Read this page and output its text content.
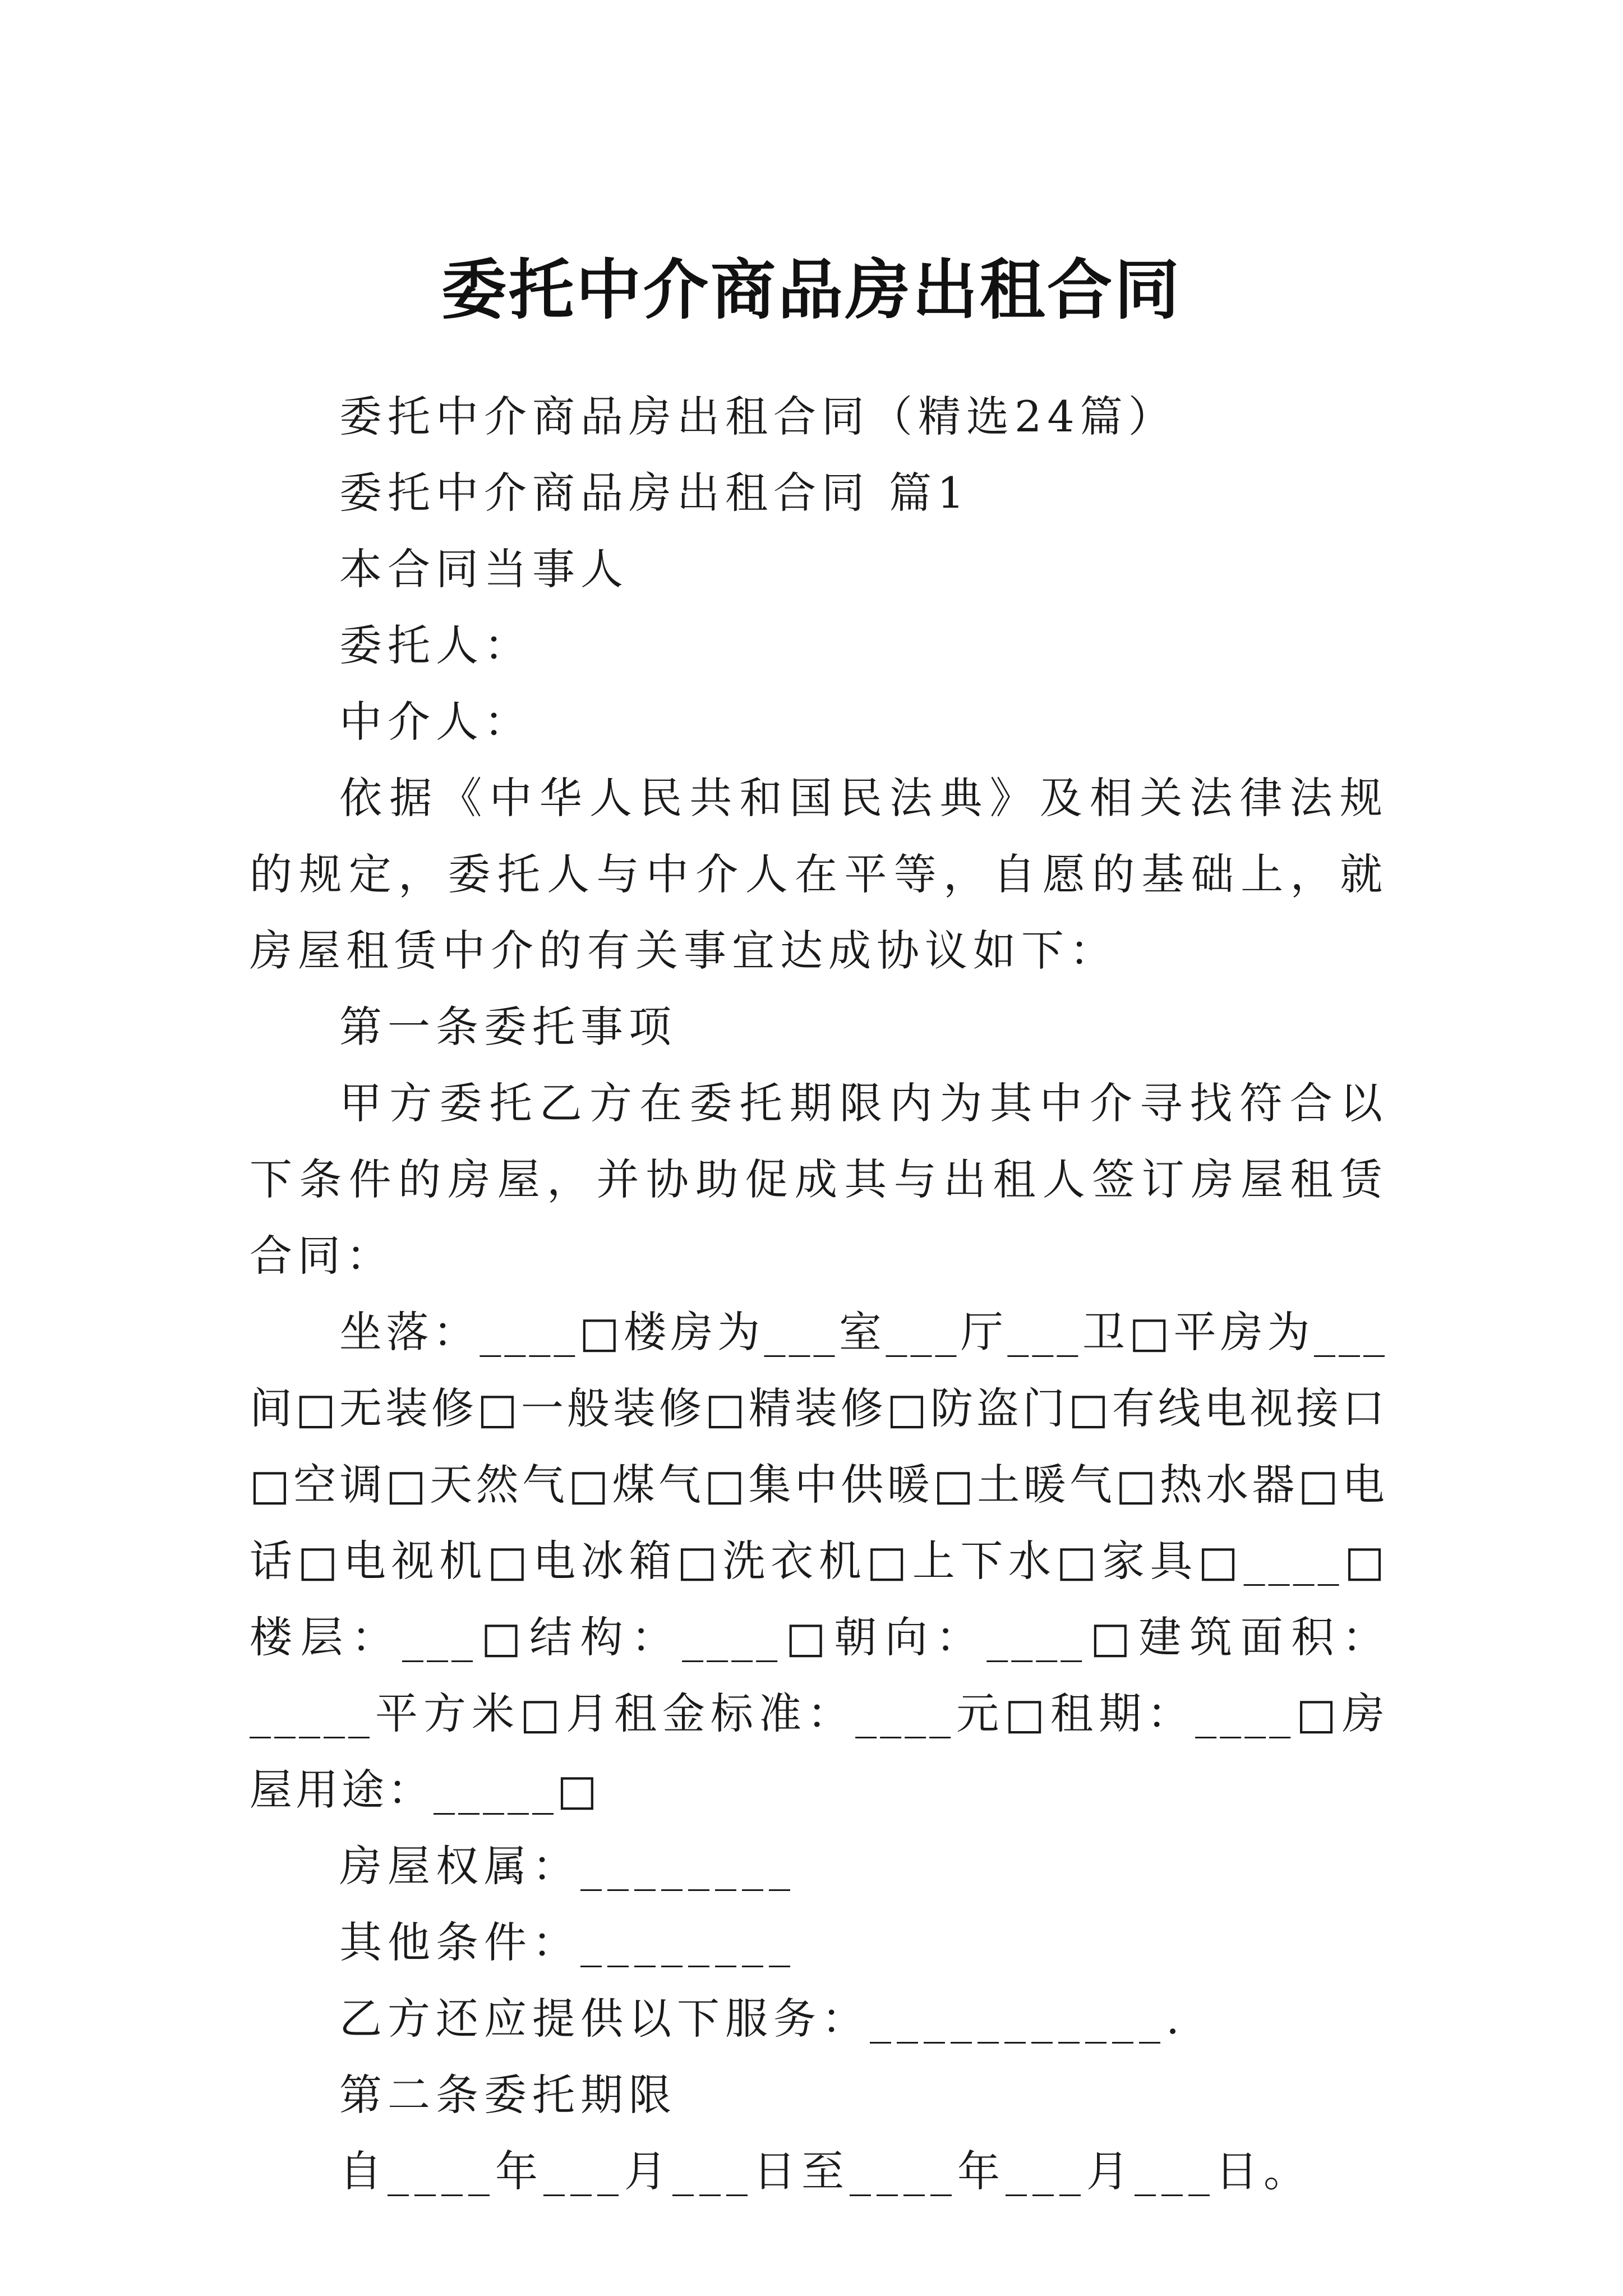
委托中介商品房出租合同

委托中介商品房出租合同（精选24篇）

委托中介商品房出租合同 篇1

本合同当事人

委托人：

中介人：

依据《中华人民共和国民法典》及相关法律法规的规定，委托人与中介人在平等，自愿的基础上，就房屋租赁中介的有关事宜达成协议如下：

第一条委托事项

甲方委托乙方在委托期限内为其中介寻找符合以下条件的房屋，并协助促成其与出租人签订房屋租赁合同：

坐落：____□楼房为___室___厅___卫□平房为___间□无装修□一般装修□精装修□防盗门□有线电视接口□空调□天然气□煤气□集中供暖□土暖气□热水器□电话□电视机□电冰箱□洗衣机□上下水□家具□____□楼层：___□结构：____□朝向：____□建筑面积：_____平方米□月租金标准：____元□租期：____□房屋用途：_____□

房屋权属：________

其他条件：________

乙方还应提供以下服务：___________.

第二条委托期限

自____年___月___日至____年___月___日。
